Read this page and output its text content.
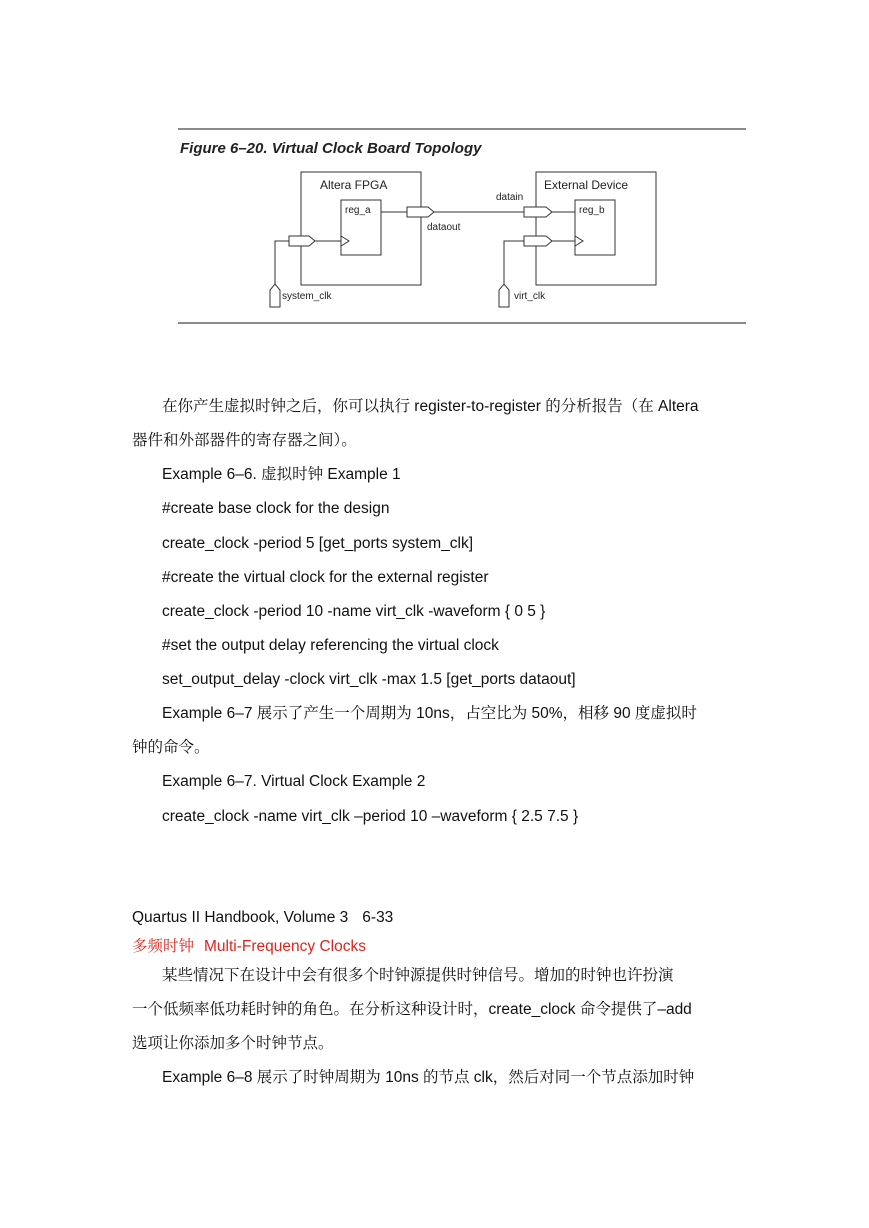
Figure 6–20. Virtual Clock Board Topology
Altera FPGA
reg_a
dataout
system_clk
External Device
datain
reg_b
virt_clk
在你产生虚拟时钟之后，你可以执行 register-to-register 的分析报告（在 Altera
器件和外部器件的寄存器之间）。
Example 6–6. 虚拟时钟 Example 1
#create base clock for the design
create_clock -period 5 [get_ports system_clk]
#create the virtual clock for the external register
create_clock -period 10 -name virt_clk -waveform { 0 5 }
#set the output delay referencing the virtual clock
set_output_delay -clock virt_clk -max 1.5 [get_ports dataout]
Example 6–7 展示了产生一个周期为 10ns，占空比为 50%，相移 90 度虚拟时
钟的命令。
Example 6–7. Virtual Clock Example 2
create_clock -name virt_clk –period 10 –waveform { 2.5 7.5 }
Quartus II Handbook, Volume 3 6-33
多频时钟 Multi-Frequency Clocks
某些情况下在设计中会有很多个时钟源提供时钟信号。增加的时钟也许扮演
一个低频率低功耗时钟的角色。在分析这种设计时，create_clock 命令提供了–add
选项让你添加多个时钟节点。
Example 6–8 展示了时钟周期为 10ns 的节点 clk，然后对同一个节点添加时钟
